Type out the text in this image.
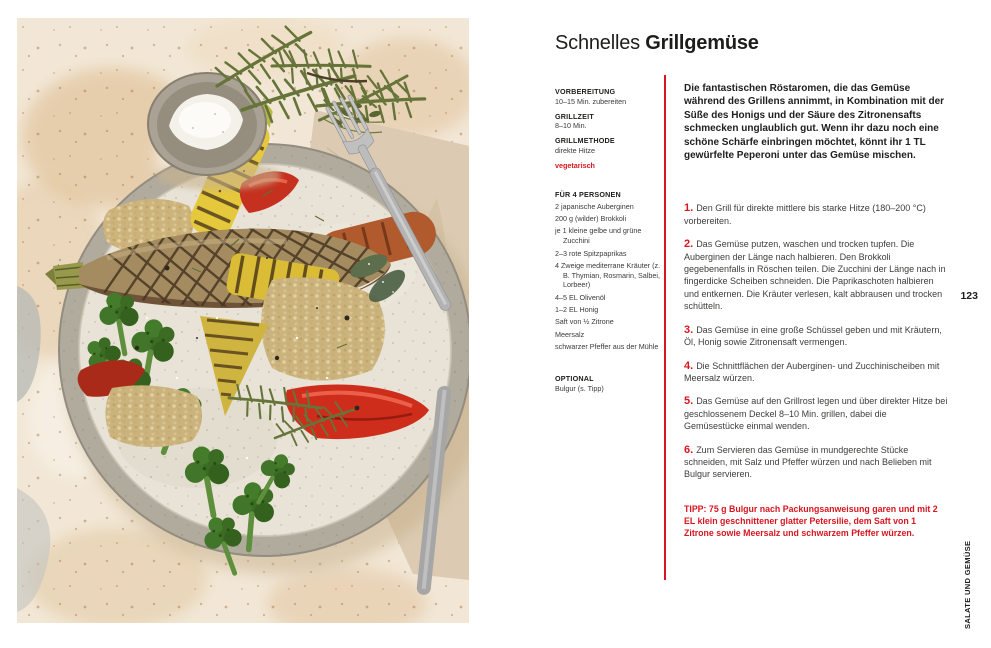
Schnelles Grillgemüse
VORBEREITUNG
10–15 Min. zubereiten
GRILLZEIT
8–10 Min.
GRILLMETHODE
direkte Hitze
vegetarisch
FÜR 4 PERSONEN
2 japanische Auberginen
200 g (wilder) Brokkoli
je 1 kleine gelbe und grüne Zucchini
2–3 rote Spitzpaprikas
4 Zweige mediterrane Kräuter (z. B. Thymian, Rosmarin, Salbei, Lorbeer)
4–5 EL Olivenöl
1–2 EL Honig
Saft von ½ Zitrone
Meersalz
schwarzer Pfeffer aus der Mühle
OPTIONAL
Bulgur (s. Tipp)

Die fantastischen Röstaromen, die das Gemüse während des Grillens annimmt, in Kombination mit der Süße des Honigs und der Säure des Zitronensafts schmecken unglaublich gut. Wenn ihr dazu noch eine schöne Schärfe einbringen möchtet, könnt ihr 1 TL gewürfelte Peperoni unter das Gemüse mischen.

1. Den Grill für direkte mittlere bis starke Hitze (180–200 °C) vorbereiten.

2. Das Gemüse putzen, waschen und trocken tupfen. Die Auberginen der Länge nach halbieren. Den Brokkoli gegebenenfalls in Röschen teilen. Die Zucchini der Länge nach in fingerdicke Scheiben schneiden. Die Paprikaschoten halbieren und entkernen. Die Kräuter verlesen, kalt abbrausen und trocken schütteln.

3. Das Gemüse in eine große Schüssel geben und mit Kräutern, Öl, Honig sowie Zitronensaft vermengen.

4. Die Schnittflächen der Auberginen- und Zucchinischeiben mit Meersalz würzen.

5. Das Gemüse auf den Grillrost legen und über direkter Hitze bei geschlossenem Deckel 8–10 Min. grillen, dabei die Gemüsestücke einmal wenden.

6. Zum Servieren das Gemüse in mundgerechte Stücke schneiden, mit Salz und Pfeffer würzen und nach Belieben mit Bulgur servieren.

TIPP: 75 g Bulgur nach Packungsanweisung garen und mit 2 EL klein geschnittener glatter Petersilie, dem Saft von 1 Zitrone sowie Meersalz und schwarzem Pfeffer würzen.

123
SALATE UND GEMÜSE
